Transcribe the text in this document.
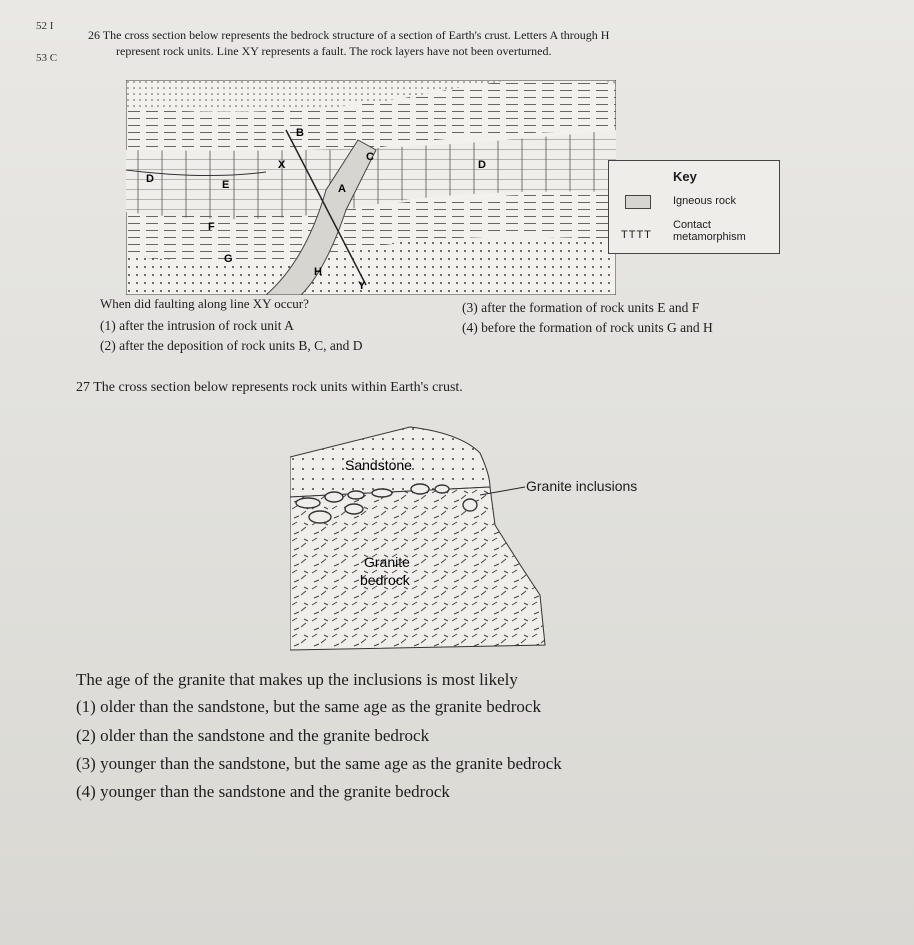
52 I
53 C
26 The cross section below represents the bedrock structure of a section of Earth's crust. Letters A through H
represent rock units. Line XY represents a fault. The rock layers have not been overturned.
B
C
D
D
E	A
F
G
H
X
Y
Key
Igneous rock
TTTT
Contact
metamorphism
When did faulting along line XY occur?
(1) after the intrusion of rock unit A
(2) after the deposition of rock units B, C, and D
(3) after the formation of rock units E and F
(4) before the formation of rock units G and H
27 The cross section below represents rock units within Earth's crust.
Sandstone
Granite
bedrock
Granite inclusions
The age of the granite that makes up the inclusions is most likely
(1) older than the sandstone, but the same age as the granite bedrock
(2) older than the sandstone and the granite bedrock
(3) younger than the sandstone, but the same age as the granite bedrock
(4) younger than the sandstone and the granite bedrock
